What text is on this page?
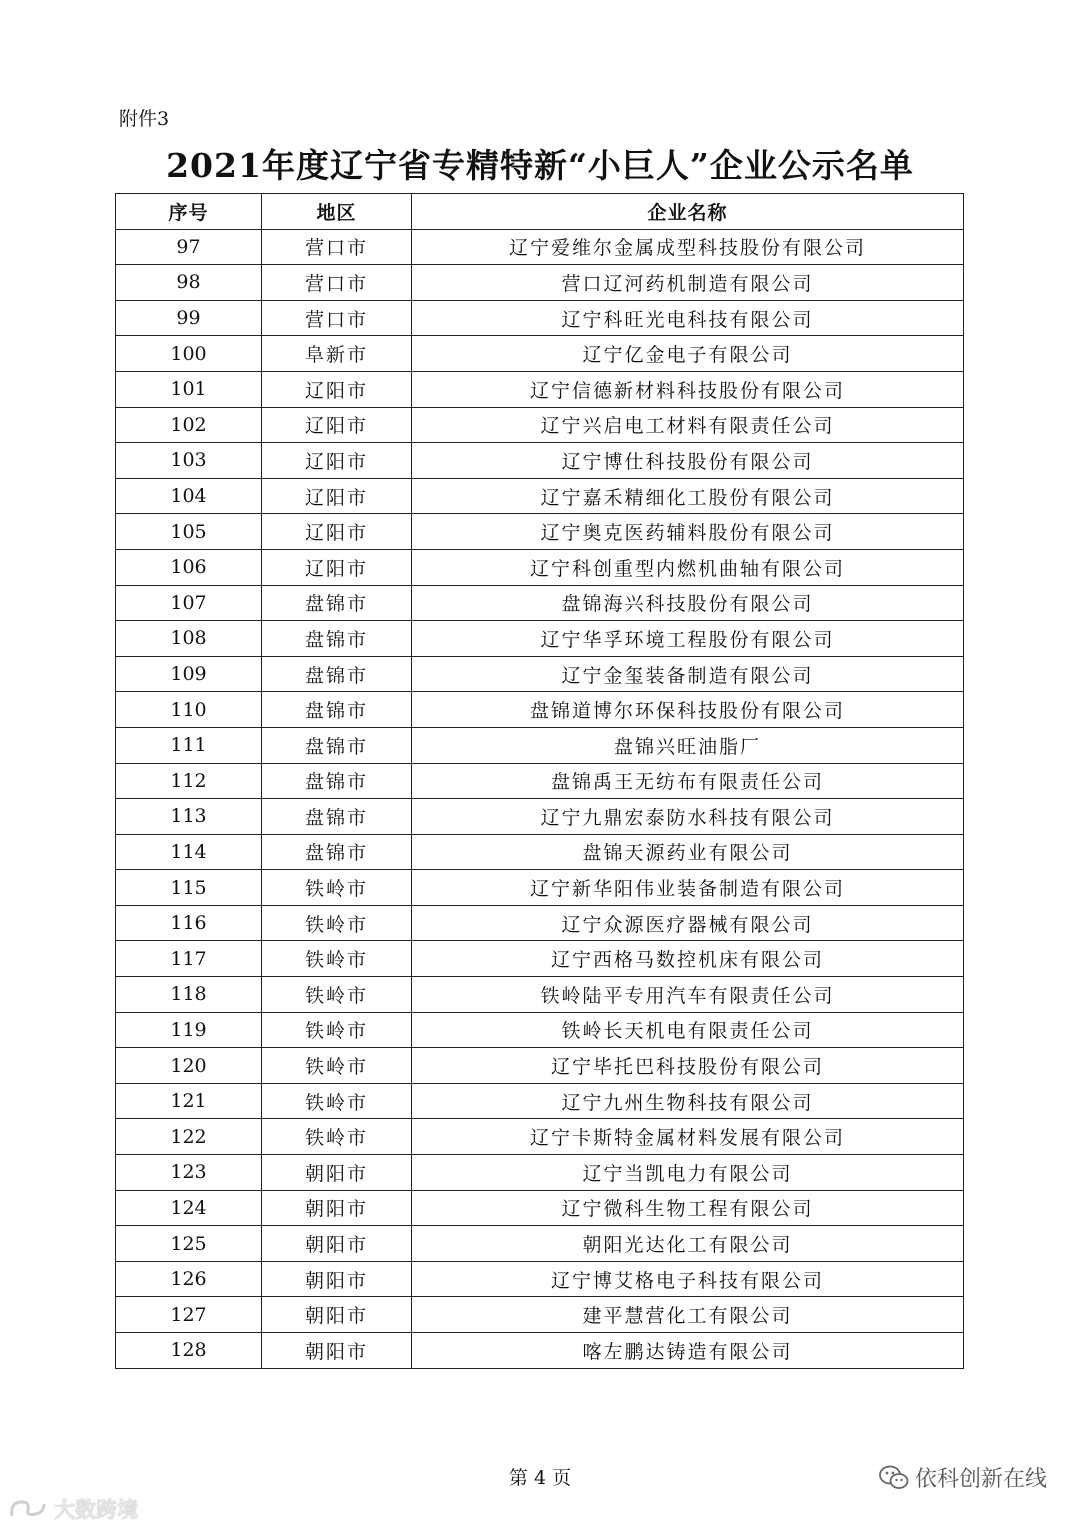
附件3
2021年度辽宁省专精特新“小巨人”企业公示名单
序号	地区	企业名称
97	营口市	辽宁爱维尔金属成型科技股份有限公司
98	营口市	营口辽河药机制造有限公司
99	营口市	辽宁科旺光电科技有限公司
100	阜新市	辽宁亿金电子有限公司
101	辽阳市	辽宁信德新材料科技股份有限公司
102	辽阳市	辽宁兴启电工材料有限责任公司
103	辽阳市	辽宁博仕科技股份有限公司
104	辽阳市	辽宁嘉禾精细化工股份有限公司
105	辽阳市	辽宁奥克医药辅料股份有限公司
106	辽阳市	辽宁科创重型内燃机曲轴有限公司
107	盘锦市	盘锦海兴科技股份有限公司
108	盘锦市	辽宁华孚环境工程股份有限公司
109	盘锦市	辽宁金玺装备制造有限公司
110	盘锦市	盘锦道博尔环保科技股份有限公司
111	盘锦市	盘锦兴旺油脂厂
112	盘锦市	盘锦禹王无纺布有限责任公司
113	盘锦市	辽宁九鼎宏泰防水科技有限公司
114	盘锦市	盘锦天源药业有限公司
115	铁岭市	辽宁新华阳伟业装备制造有限公司
116	铁岭市	辽宁众源医疗器械有限公司
117	铁岭市	辽宁西格马数控机床有限公司
118	铁岭市	铁岭陆平专用汽车有限责任公司
119	铁岭市	铁岭长天机电有限责任公司
120	铁岭市	辽宁毕托巴科技股份有限公司
121	铁岭市	辽宁九州生物科技有限公司
122	铁岭市	辽宁卡斯特金属材料发展有限公司
123	朝阳市	辽宁当凯电力有限公司
124	朝阳市	辽宁微科生物工程有限公司
125	朝阳市	朝阳光达化工有限公司
126	朝阳市	辽宁博艾格电子科技有限公司
127	朝阳市	建平慧营化工有限公司
128	朝阳市	喀左鹏达铸造有限公司
第 4 页	依科创新在线
大数跨境
